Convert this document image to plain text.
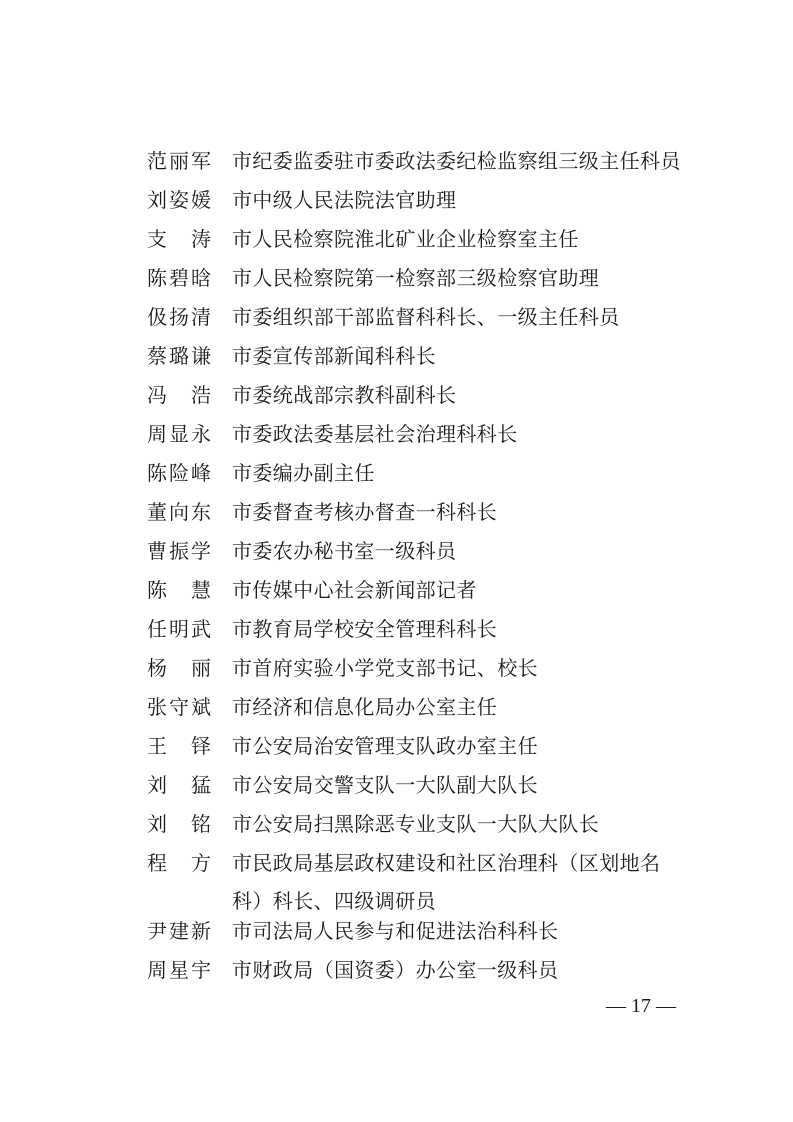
范丽军 市纪委监委驻市委政法委纪检监察组三级主任科员
刘姿媛 市中级人民法院法官助理
支　涛 市人民检察院淮北矿业企业检察室主任
陈碧晗 市人民检察院第一检察部三级检察官助理
伋扬清 市委组织部干部监督科科长、一级主任科员
蔡璐谦 市委宣传部新闻科科长
冯　浩 市委统战部宗教科副科长
周显永 市委政法委基层社会治理科科长
陈险峰 市委编办副主任
董向东 市委督查考核办督查一科科长
曹振学 市委农办秘书室一级科员
陈　慧 市传媒中心社会新闻部记者
任明武 市教育局学校安全管理科科长
杨　丽 市首府实验小学党支部书记、校长
张守斌 市经济和信息化局办公室主任
王　铎 市公安局治安管理支队政办室主任
刘　猛 市公安局交警支队一大队副大队长
刘　铭 市公安局扫黑除恶专业支队一大队大队长
程　方 市民政局基层政权建设和社区治理科（区划地名科）科长、四级调研员
尹建新 市司法局人民参与和促进法治科科长
周星宇 市财政局（国资委）办公室一级科员
— 17 —
